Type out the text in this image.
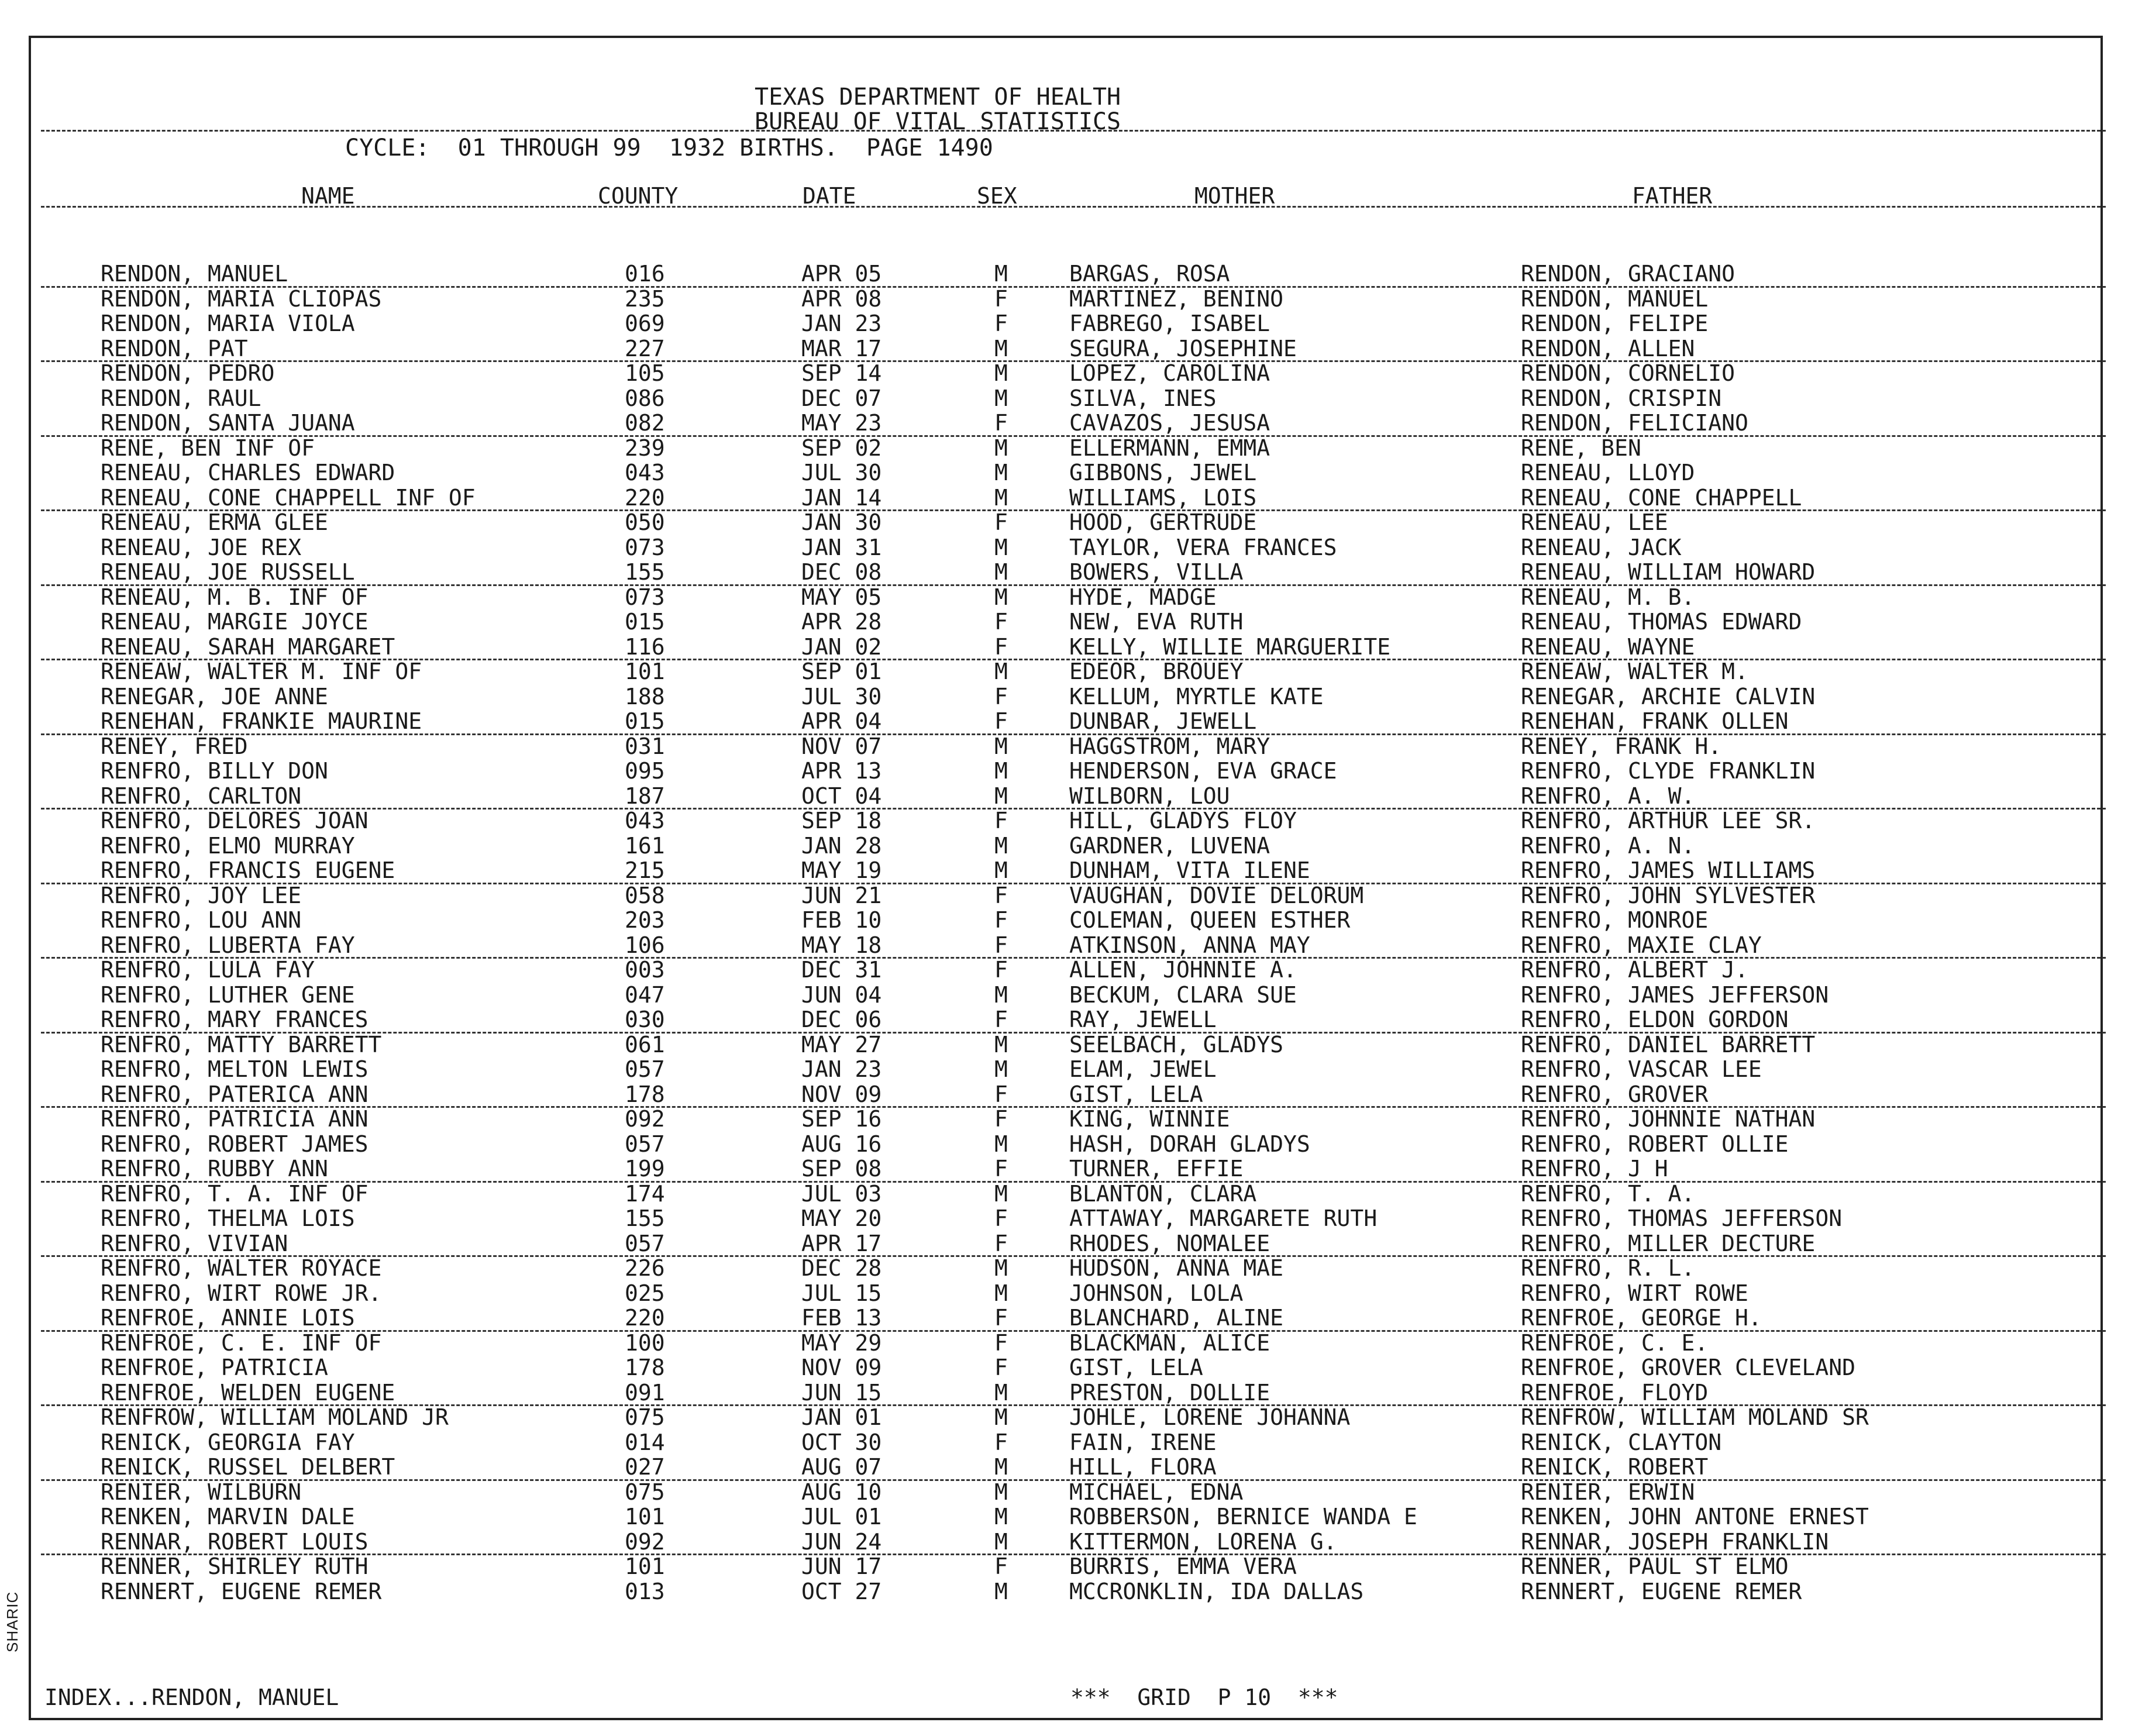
SHARIC
TEXAS DEPARTMENT OF HEALTH
BUREAU OF VITAL STATISTICS
CYCLE:  01 THROUGH 99  1932 BIRTHS.  PAGE 1490
NAME	COUNTY	DATE	SEX	MOTHER	FATHER
RENDON, MANUEL	016	APR 05	M	BARGAS, ROSA	RENDON, GRACIANO
RENDON, MARIA CLIOPAS	235	APR 08	F	MARTINEZ, BENINO	RENDON, MANUEL
RENDON, MARIA VIOLA	069	JAN 23	F	FABREGO, ISABEL	RENDON, FELIPE
RENDON, PAT	227	MAR 17	M	SEGURA, JOSEPHINE	RENDON, ALLEN
RENDON, PEDRO	105	SEP 14	M	LOPEZ, CAROLINA	RENDON, CORNELIO
RENDON, RAUL	086	DEC 07	M	SILVA, INES	RENDON, CRISPIN
RENDON, SANTA JUANA	082	MAY 23	F	CAVAZOS, JESUSA	RENDON, FELICIANO
RENE, BEN INF OF	239	SEP 02	M	ELLERMANN, EMMA	RENE, BEN
RENEAU, CHARLES EDWARD	043	JUL 30	M	GIBBONS, JEWEL	RENEAU, LLOYD
RENEAU, CONE CHAPPELL INF OF	220	JAN 14	M	WILLIAMS, LOIS	RENEAU, CONE CHAPPELL
RENEAU, ERMA GLEE	050	JAN 30	F	HOOD, GERTRUDE	RENEAU, LEE
RENEAU, JOE REX	073	JAN 31	M	TAYLOR, VERA FRANCES	RENEAU, JACK
RENEAU, JOE RUSSELL	155	DEC 08	M	BOWERS, VILLA	RENEAU, WILLIAM HOWARD
RENEAU, M. B. INF OF	073	MAY 05	M	HYDE, MADGE	RENEAU, M. B.
RENEAU, MARGIE JOYCE	015	APR 28	F	NEW, EVA RUTH	RENEAU, THOMAS EDWARD
RENEAU, SARAH MARGARET	116	JAN 02	F	KELLY, WILLIE MARGUERITE	RENEAU, WAYNE
RENEAW, WALTER M. INF OF	101	SEP 01	M	EDEOR, BROUEY	RENEAW, WALTER M.
RENEGAR, JOE ANNE	188	JUL 30	F	KELLUM, MYRTLE KATE	RENEGAR, ARCHIE CALVIN
RENEHAN, FRANKIE MAURINE	015	APR 04	F	DUNBAR, JEWELL	RENEHAN, FRANK OLLEN
RENEY, FRED	031	NOV 07	M	HAGGSTROM, MARY	RENEY, FRANK H.
RENFRO, BILLY DON	095	APR 13	M	HENDERSON, EVA GRACE	RENFRO, CLYDE FRANKLIN
RENFRO, CARLTON	187	OCT 04	M	WILBORN, LOU	RENFRO, A. W.
RENFRO, DELORES JOAN	043	SEP 18	F	HILL, GLADYS FLOY	RENFRO, ARTHUR LEE SR.
RENFRO, ELMO MURRAY	161	JAN 28	M	GARDNER, LUVENA	RENFRO, A. N.
RENFRO, FRANCIS EUGENE	215	MAY 19	M	DUNHAM, VITA ILENE	RENFRO, JAMES WILLIAMS
RENFRO, JOY LEE	058	JUN 21	F	VAUGHAN, DOVIE DELORUM	RENFRO, JOHN SYLVESTER
RENFRO, LOU ANN	203	FEB 10	F	COLEMAN, QUEEN ESTHER	RENFRO, MONROE
RENFRO, LUBERTA FAY	106	MAY 18	F	ATKINSON, ANNA MAY	RENFRO, MAXIE CLAY
RENFRO, LULA FAY	003	DEC 31	F	ALLEN, JOHNNIE A.	RENFRO, ALBERT J.
RENFRO, LUTHER GENE	047	JUN 04	M	BECKUM, CLARA SUE	RENFRO, JAMES JEFFERSON
RENFRO, MARY FRANCES	030	DEC 06	F	RAY, JEWELL	RENFRO, ELDON GORDON
RENFRO, MATTY BARRETT	061	MAY 27	M	SEELBACH, GLADYS	RENFRO, DANIEL BARRETT
RENFRO, MELTON LEWIS	057	JAN 23	M	ELAM, JEWEL	RENFRO, VASCAR LEE
RENFRO, PATERICA ANN	178	NOV 09	F	GIST, LELA	RENFRO, GROVER
RENFRO, PATRICIA ANN	092	SEP 16	F	KING, WINNIE	RENFRO, JOHNNIE NATHAN
RENFRO, ROBERT JAMES	057	AUG 16	M	HASH, DORAH GLADYS	RENFRO, ROBERT OLLIE
RENFRO, RUBBY ANN	199	SEP 08	F	TURNER, EFFIE	RENFRO, J H
RENFRO, T. A. INF OF	174	JUL 03	M	BLANTON, CLARA	RENFRO, T. A.
RENFRO, THELMA LOIS	155	MAY 20	F	ATTAWAY, MARGARETE RUTH	RENFRO, THOMAS JEFFERSON
RENFRO, VIVIAN	057	APR 17	F	RHODES, NOMALEE	RENFRO, MILLER DECTURE
RENFRO, WALTER ROYACE	226	DEC 28	M	HUDSON, ANNA MAE	RENFRO, R. L.
RENFRO, WIRT ROWE JR.	025	JUL 15	M	JOHNSON, LOLA	RENFRO, WIRT ROWE
RENFROE, ANNIE LOIS	220	FEB 13	F	BLANCHARD, ALINE	RENFROE, GEORGE H.
RENFROE, C. E. INF OF	100	MAY 29	F	BLACKMAN, ALICE	RENFROE, C. E.
RENFROE, PATRICIA	178	NOV 09	F	GIST, LELA	RENFROE, GROVER CLEVELAND
RENFROE, WELDEN EUGENE	091	JUN 15	M	PRESTON, DOLLIE	RENFROE, FLOYD
RENFROW, WILLIAM MOLAND JR	075	JAN 01	M	JOHLE, LORENE JOHANNA	RENFROW, WILLIAM MOLAND SR
RENICK, GEORGIA FAY	014	OCT 30	F	FAIN, IRENE	RENICK, CLAYTON
RENICK, RUSSEL DELBERT	027	AUG 07	M	HILL, FLORA	RENICK, ROBERT
RENIER, WILBURN	075	AUG 10	M	MICHAEL, EDNA	RENIER, ERWIN
RENKEN, MARVIN DALE	101	JUL 01	M	ROBBERSON, BERNICE WANDA E	RENKEN, JOHN ANTONE ERNEST
RENNAR, ROBERT LOUIS	092	JUN 24	M	KITTERMON, LORENA G.	RENNAR, JOSEPH FRANKLIN
RENNER, SHIRLEY RUTH	101	JUN 17	F	BURRIS, EMMA VERA	RENNER, PAUL ST ELMO
RENNERT, EUGENE REMER	013	OCT 27	M	MCCRONKLIN, IDA DALLAS	RENNERT, EUGENE REMER
INDEX...RENDON, MANUEL	***  GRID  P 10  ***
